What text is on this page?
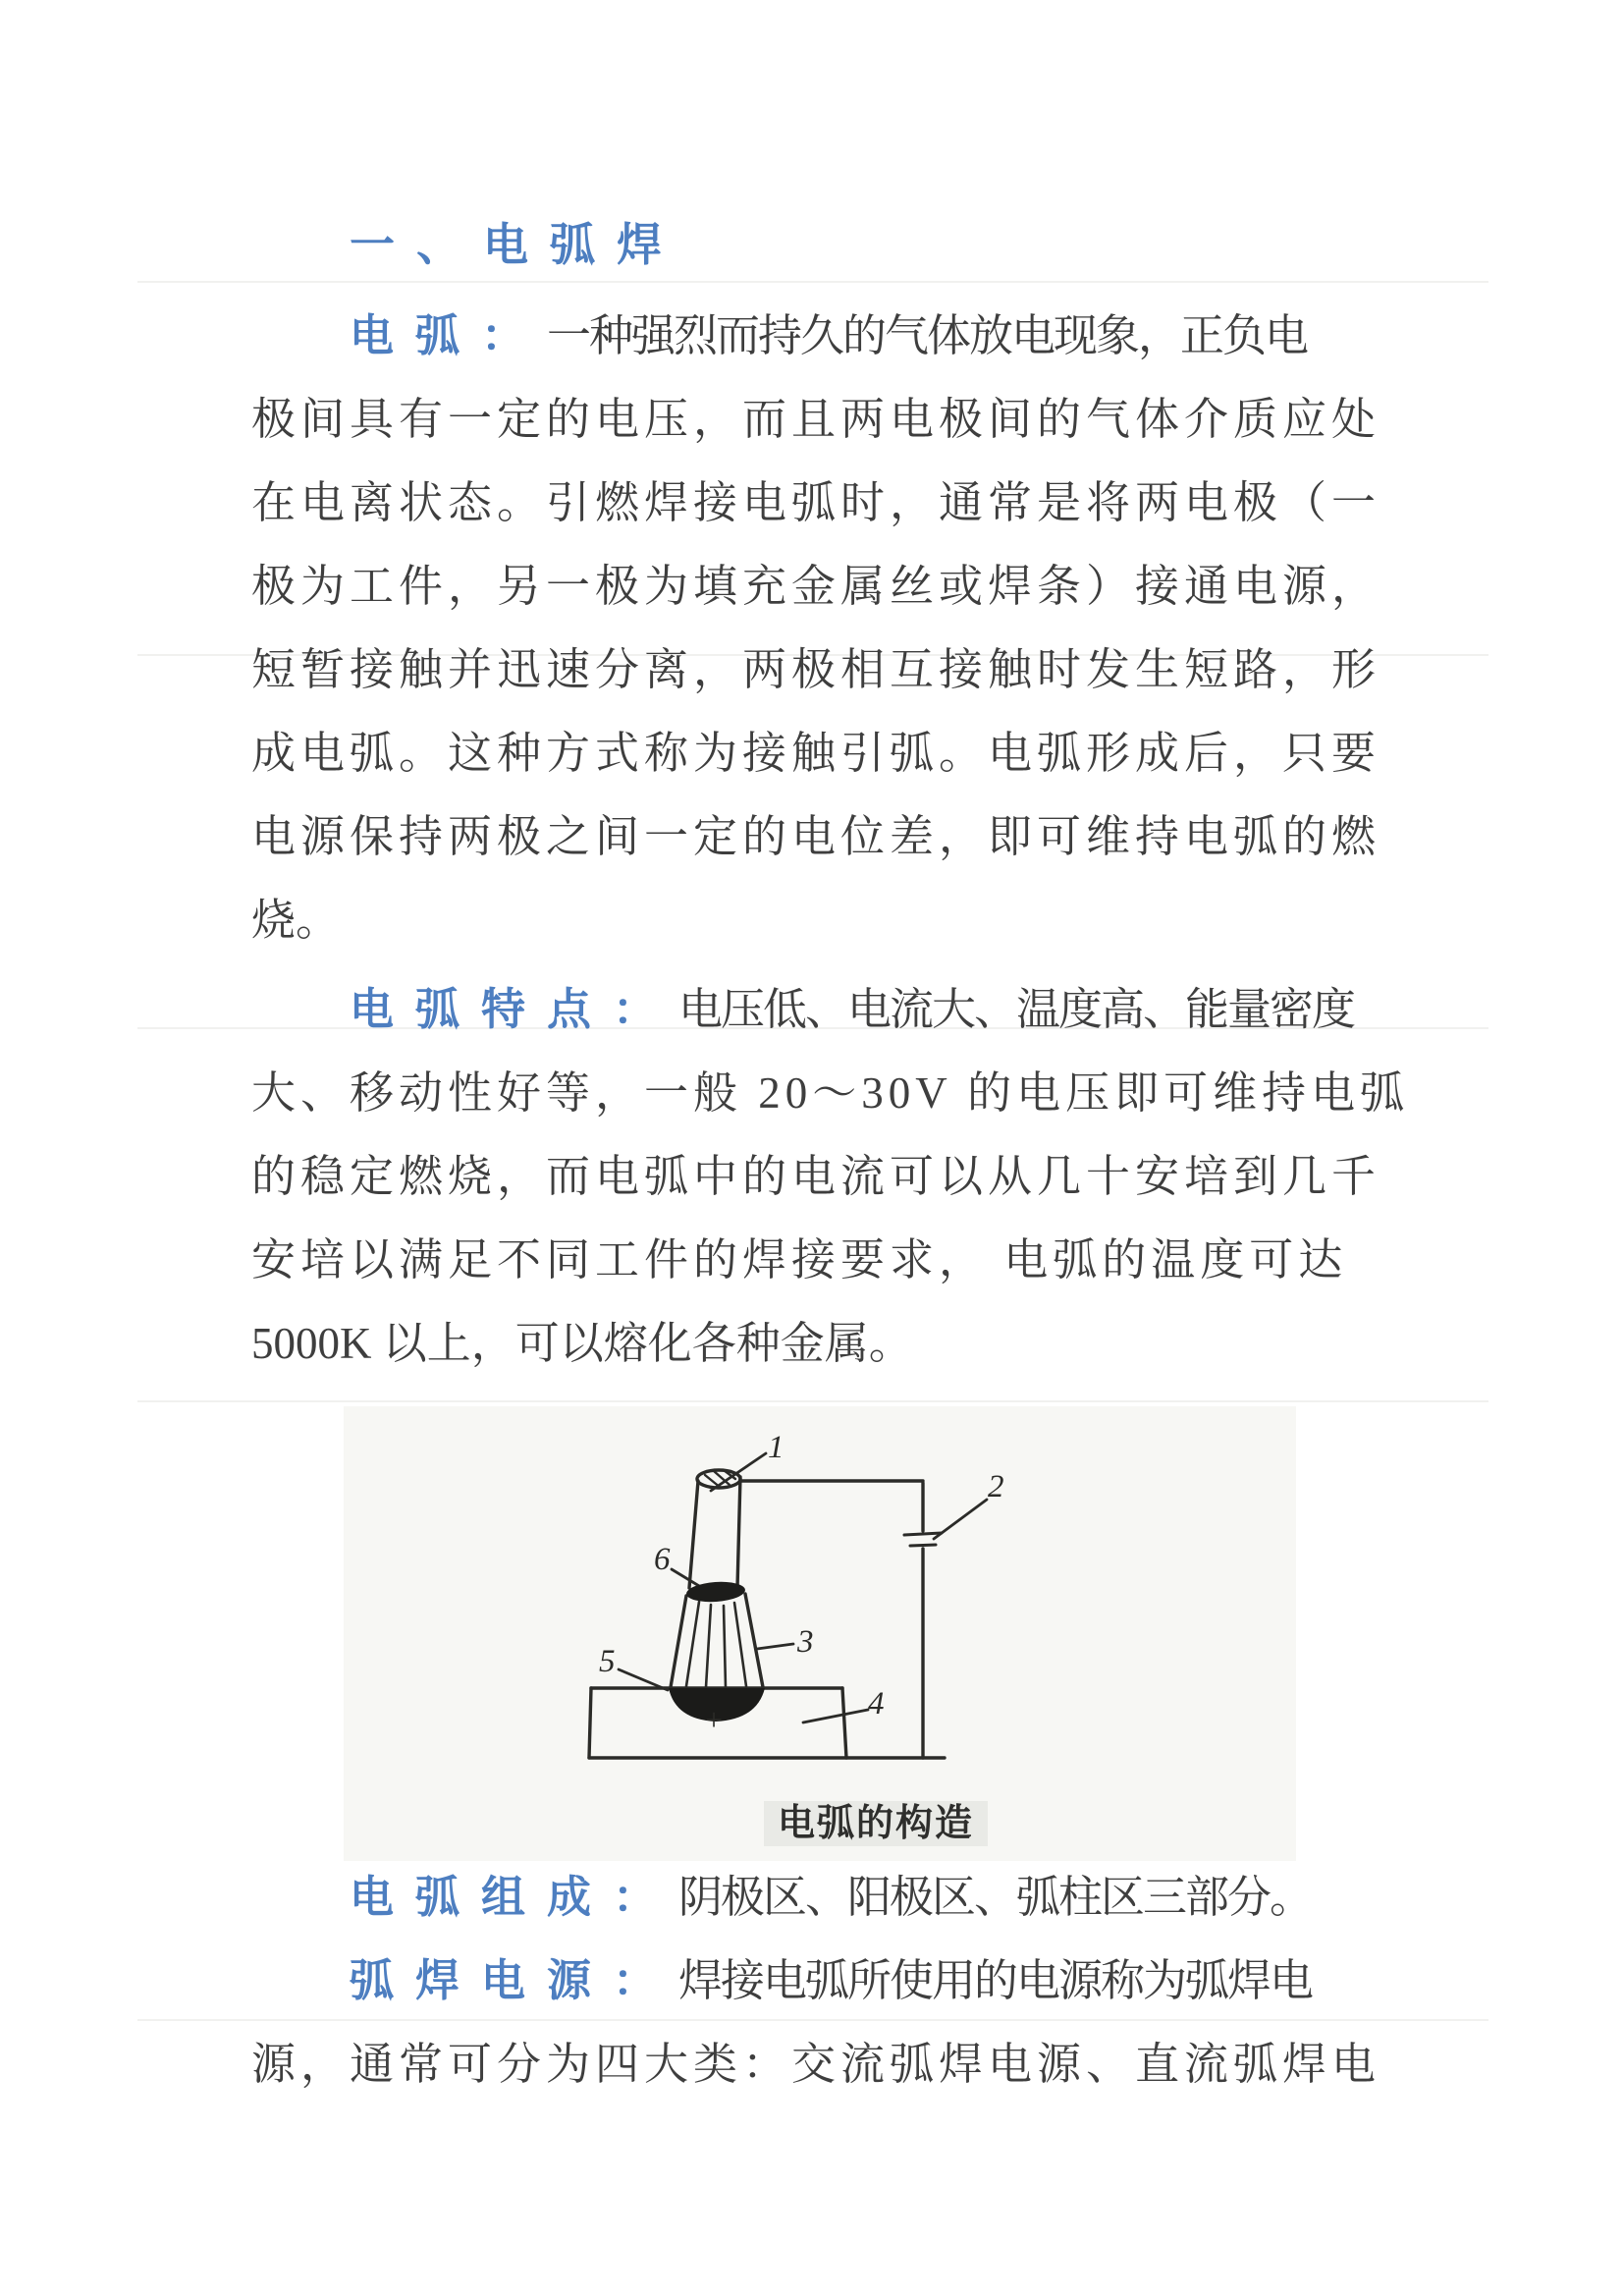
一、电弧焊
电弧：一种强烈而持久的气体放电现象，正负电
极间具有一定的电压，而且两电极间的气体介质应处
在电离状态。引燃焊接电弧时，通常是将两电极（一
极为工件，另一极为填充金属丝或焊条）接通电源，
短暂接触并迅速分离，两极相互接触时发生短路，形
成电弧。这种方式称为接触引弧。电弧形成后，只要
电源保持两极之间一定的电位差，即可维持电弧的燃
烧。
电弧特点：电压低、电流大、温度高、能量密度
大、移动性好等，一般 20～30V 的电压即可维持电弧
的稳定燃烧，而电弧中的电流可以从几十安培到几千
安培以满足不同工件的焊接要求， 电弧的温度可达
5000K 以上，可以熔化各种金属。
1
2
3
4
5
6
+
电弧的构造
电弧组成：阴极区、阳极区、弧柱区三部分。
弧焊电源：焊接电弧所使用的电源称为弧焊电
源，通常可分为四大类：交流弧焊电源、直流弧焊电
